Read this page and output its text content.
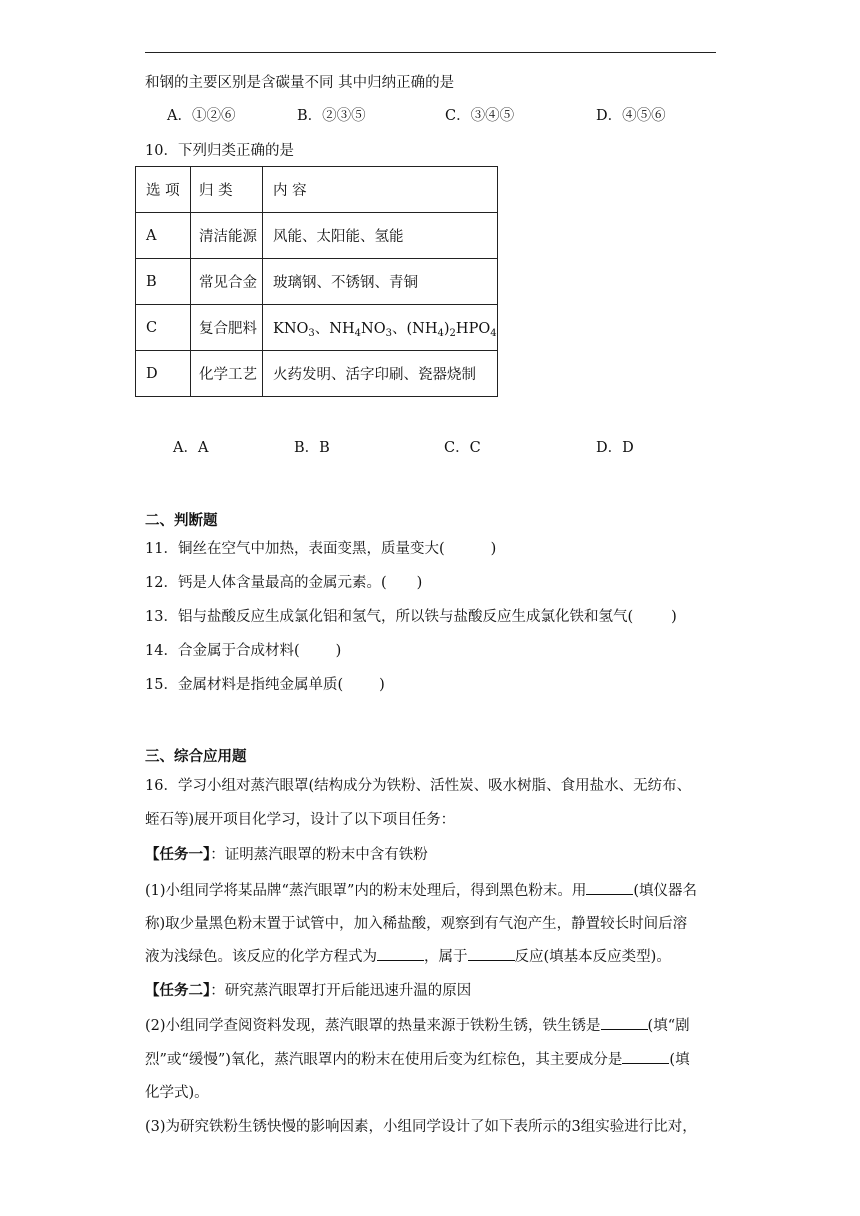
和钢的主要区别是含碳量不同 其中归纳正确的是
A．①②⑥	B．②③⑤	C．③④⑤	D．④⑤⑥
10．下列归类正确的是
选 项	归 类	内 容
A	清洁能源	风能、太阳能、氢能
B	常见合金	玻璃钢、不锈钢、青铜
C	复合肥料	$KNO_3$、$NH_4NO_3$、$(NH_4)_2HPO_4$
D	化学工艺	火药发明、活字印刷、瓷器烧制
A．A	B．B	C．C	D．D
二、判断题
11．铜丝在空气中加热，表面变黑，质量变大(	)
12．钙是人体含量最高的金属元素。( )
13．铝与盐酸反应生成氯化铝和氢气，所以铁与盐酸反应生成氯化铁和氢气(	)
14．合金属于合成材料( )
15．金属材料是指纯金属单质( )
三、综合应用题
16．学习小组对蒸汽眼罩(结构成分为铁粉、活性炭、吸水树脂、食用盐水、无纺布、
蛭石等)展开项目化学习，设计了以下项目任务：
【任务一】：证明蒸汽眼罩的粉末中含有铁粉
(1)小组同学将某品牌“蒸汽眼罩”内的粉末处理后，得到黑色粉末。用	(填仪器名
称)取少量黑色粉末置于试管中，加入稀盐酸，观察到有气泡产生，静置较长时间后溶
液为浅绿色。该反应的化学方程式为	，属于	反应(填基本反应类型)。
【任务二】：研究蒸汽眼罩打开后能迅速升温的原因
(2)小组同学查阅资料发现，蒸汽眼罩的热量来源于铁粉生锈，铁生锈是	(填“剧
烈”或“缓慢”)氧化，蒸汽眼罩内的粉末在使用后变为红棕色，其主要成分是	(填
化学式)。
(3)为研究铁粉生锈快慢的影响因素，小组同学设计了如下表所示的3组实验进行比对，
